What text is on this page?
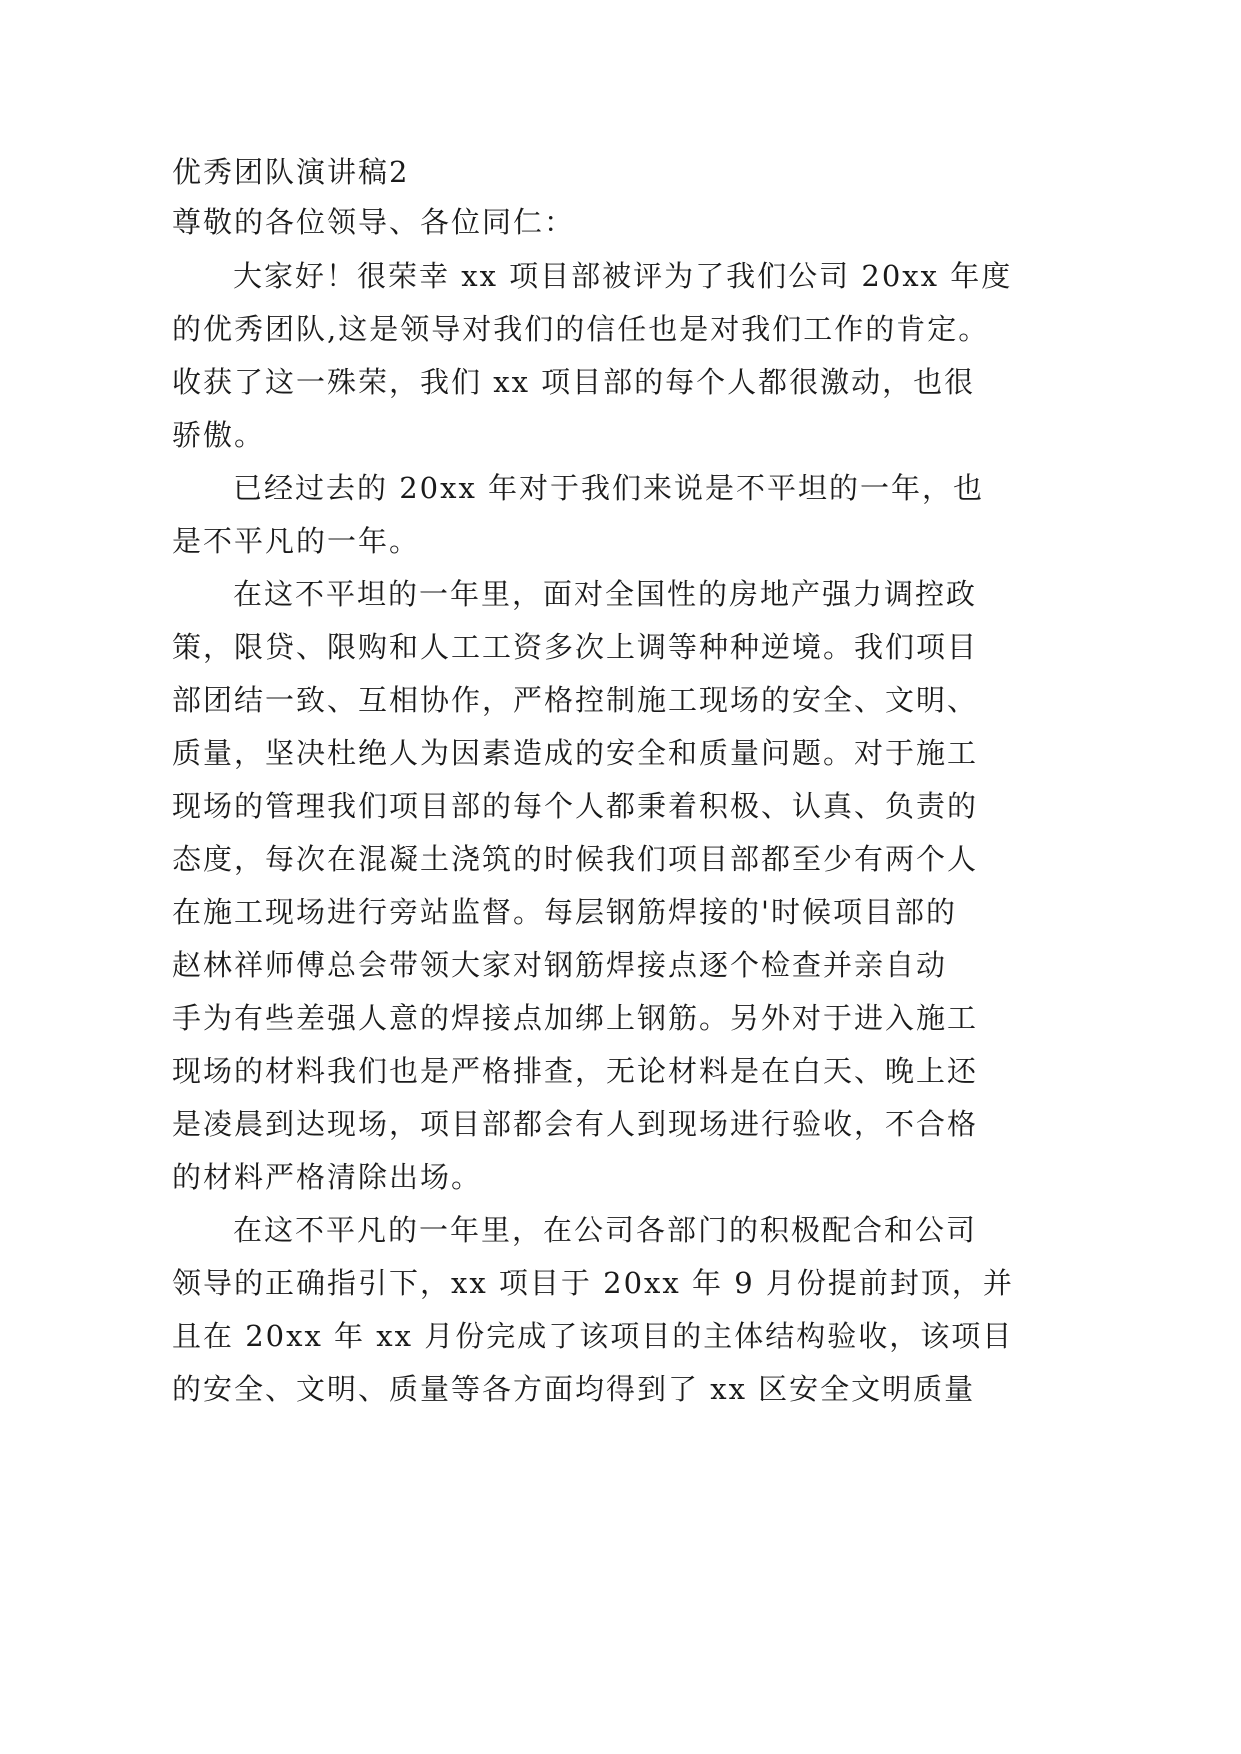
优秀团队演讲稿2
尊敬的各位领导、各位同仁：
大家好！很荣幸 xx 项目部被评为了我们公司 20xx 年度
的优秀团队,这是领导对我们的信任也是对我们工作的肯定。
收获了这一殊荣，我们 xx 项目部的每个人都很激动，也很
骄傲。
已经过去的 20xx 年对于我们来说是不平坦的一年，也
是不平凡的一年。
在这不平坦的一年里，面对全国性的房地产强力调控政
策，限贷、限购和人工工资多次上调等种种逆境。我们项目
部团结一致、互相协作，严格控制施工现场的安全、文明、
质量，坚决杜绝人为因素造成的安全和质量问题。对于施工
现场的管理我们项目部的每个人都秉着积极、认真、负责的
态度，每次在混凝土浇筑的时候我们项目部都至少有两个人
在施工现场进行旁站监督。每层钢筋焊接的'时候项目部的
赵林祥师傅总会带领大家对钢筋焊接点逐个检查并亲自动
手为有些差强人意的焊接点加绑上钢筋。另外对于进入施工
现场的材料我们也是严格排查，无论材料是在白天、晚上还
是凌晨到达现场，项目部都会有人到现场进行验收，不合格
的材料严格清除出场。
在这不平凡的一年里，在公司各部门的积极配合和公司
领导的正确指引下，xx 项目于 20xx 年 9 月份提前封顶，并
且在 20xx 年 xx 月份完成了该项目的主体结构验收，该项目
的安全、文明、质量等各方面均得到了 xx 区安全文明质量
